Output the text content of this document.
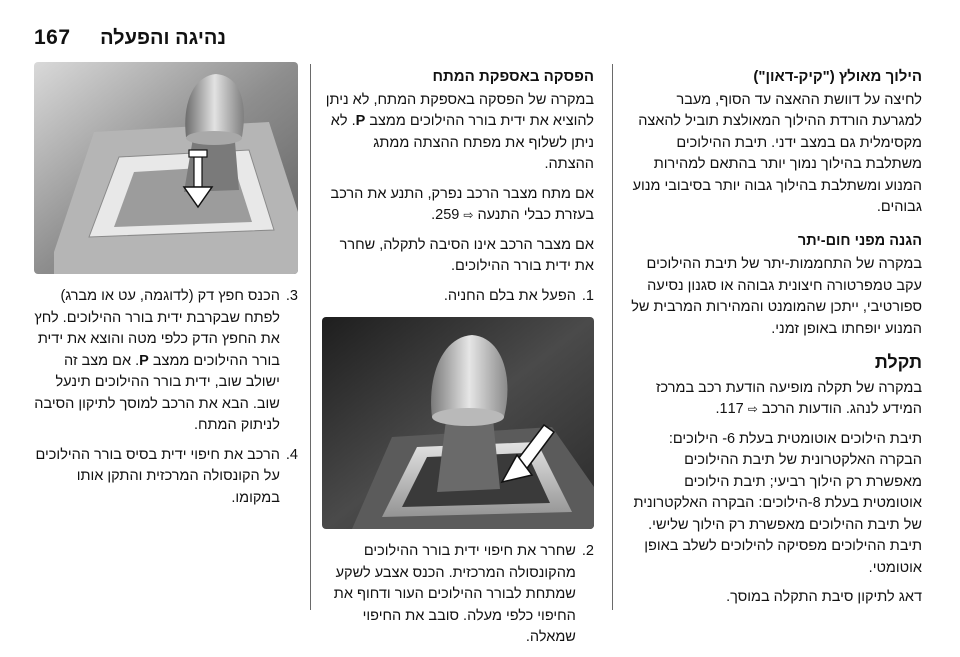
167 נהיגה והפעלה
הילוך מאולץ ("קיק-דאון")

לחיצה על דוושת ההאצה עד הסוף, מעבר למגרעת הורדת ההילוך המאולצת תוביל להאצה מקסימלית גם במצב ידני. תיבת ההילוכים משתלבת בהילוך נמוך יותר בהתאם למהירות המנוע ומשתלבת בהילוך גבוה יותר בסיבובי מנוע גבוהים.

הגנה מפני חום-יתר

במקרה של התחממות-יתר של תיבת ההילוכים עקב טמפרטורה חיצונית גבוהה או סגנון נסיעה ספורטיבי, ייתכן שהמומנט והמהירות המרבית של המנוע יופחתו באופן זמני.

תקלת

במקרה של תקלה מופיעה הודעת רכב במרכז המידע לנהג. הודעות הרכב ⇨ 117.

תיבת הילוכים אוטומטית בעלת 6- הילוכים: הבקרה האלקטרונית של תיבת ההילוכים מאפשרת רק הילוך רביעי; תיבת הילוכים אוטומטית בעלת 8-הילוכים: הבקרה האלקטרונית של תיבת ההילוכים מאפשרת רק הילוך שלישי. תיבת ההילוכים מפסיקה להילוכים לשלב באופן אוטומטי.

דאג לתיקון סיבת התקלה במוסך.

הפסקה באספקת המתח

במקרה של הפסקה באספקת המתח, לא ניתן להוציא את ידית בורר ההילוכים ממצב P. לא ניתן לשלוף את מפתח ההצתה ממתג ההצתה.

אם מתח מצבר הרכב נפרק, התנע את הרכב בעזרת כבלי התנעה ⇨ 259.

אם מצבר הרכב אינו הסיבה לתקלה, שחרר את ידית בורר ההילוכים.

1.
הפעל את בלם החניה.
2.
שחרר את חיפוי ידית בורר ההילוכים מהקונסולה המרכזית. הכנס אצבע לשקע שמתחת לבורר ההילוכים העור ודחוף את החיפוי כלפי מעלה. סובב את החיפוי שמאלה.
3.
הכנס חפץ דק (לדוגמה, עט או מברג) לפתח שבקרבת ידית בורר ההילוכים. לחץ את החפץ הדק כלפי מטה והוצא את ידית בורר ההילוכים ממצב P. אם מצב זה ישולב שוב, ידית בורר ההילוכים תינעל שוב. הבא את הרכב למוסך לתיקון הסיבה לניתוק המתח.
4.
הרכב את חיפוי ידית בסיס בורר ההילוכים על הקונסולה המרכזית והתקן אותו במקומו.
